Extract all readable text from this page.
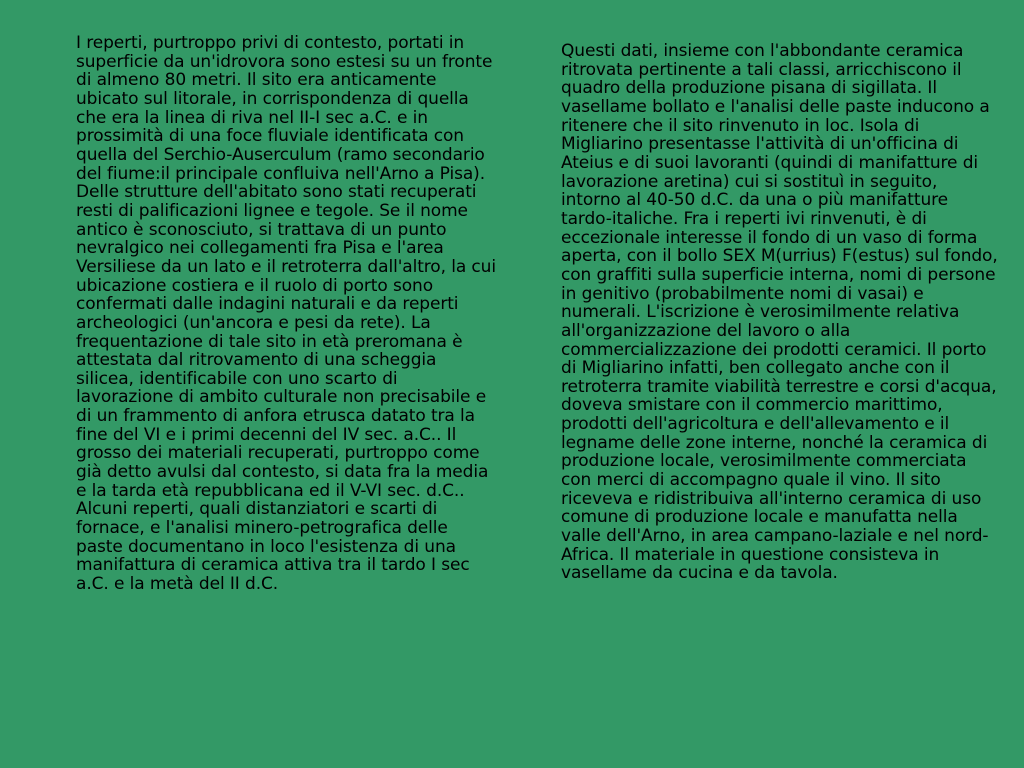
I reperti, purtroppo privi di contesto, portati in superficie da un'idrovora sono estesi su un fronte di almeno 80 metri. Il sito era anticamente ubicato sul litorale, in corrispondenza di quella che era la linea di riva nel II-I sec a.C. e in prossimità di una foce fluviale identificata con quella del Serchio-Auserculum (ramo secondario del fiume:il principale confluiva nell'Arno a Pisa). Delle strutture dell'abitato sono stati recuperati resti di palificazioni lignee e tegole. Se il nome antico è sconosciuto, si trattava di un punto nevralgico nei collegamenti fra Pisa e l'area Versiliese da un lato e il retroterra dall'altro, la cui ubicazione costiera e il ruolo di porto sono confermati dalle indagini naturali e da reperti archeologici (un'ancora e pesi da rete). La frequentazione di tale sito in età preromana è attestata dal ritrovamento di una scheggia silicea, identificabile con uno scarto di lavorazione di ambito culturale non precisabile e di un frammento di anfora etrusca datato tra la fine del VI e i primi decenni del IV sec. a.C.. Il grosso dei materiali recuperati, purtroppo come già detto avulsi dal contesto, si data fra la media e la tarda età repubblicana ed il V-VI sec. d.C.. Alcuni reperti, quali distanziatori e scarti di fornace, e l'analisi minero-petrografica delle paste documentano in loco l'esistenza di una manifattura di ceramica attiva tra il tardo I sec a.C. e la metà del II d.C.

Questi dati, insieme con l'abbondante ceramica ritrovata pertinente a tali classi, arricchiscono il quadro della produzione pisana di sigillata. Il vasellame bollato e l'analisi delle paste inducono a ritenere che il sito rinvenuto in loc. Isola di Migliarino presentasse l'attività di un'officina di Ateius e di suoi lavoranti (quindi di manifatture di lavorazione aretina) cui si sostituì in seguito, intorno al 40-50 d.C. da una o più manifatture tardo-italiche. Fra i reperti ivi rinvenuti, è di eccezionale interesse il fondo di un vaso di forma aperta, con il bollo SEX M(urrius) F(estus) sul fondo, con graffiti sulla superficie interna, nomi di persone in genitivo (probabilmente nomi di vasai) e numerali. L'iscrizione è verosimilmente relativa all'organizzazione del lavoro o alla commercializzazione dei prodotti ceramici. Il porto di Migliarino infatti, ben collegato anche con il retroterra tramite viabilità terrestre e corsi d'acqua, doveva smistare con il commercio marittimo, prodotti dell'agricoltura e dell'allevamento e il legname delle zone interne, nonché la ceramica di produzione locale, verosimilmente commerciata con merci di accompagno quale il vino. Il sito riceveva e ridistribuiva all'interno ceramica di uso comune di produzione locale e manufatta nella valle dell'Arno, in area campano-laziale e nel nord-Africa. Il materiale in questione consisteva in vasellame da cucina e da tavola.
